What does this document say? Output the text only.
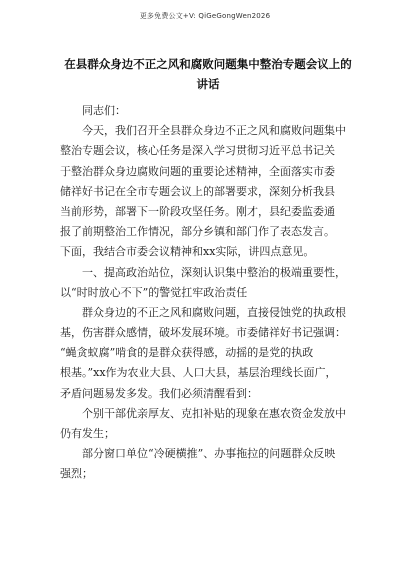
更多免费公文+V: QiGeGongWen2026
在县群众身边不正之风和腐败问题集中整治专题会议上的
讲话
同志们：
今天，我们召开全县群众身边不正之风和腐败问题集中
整治专题会议，核心任务是深入学习贯彻习近平总书记关
于整治群众身边腐败问题的重要论述精神，全面落实市委
储祥好书记在全市专题会议上的部署要求，深刻分析我县
当前形势，部署下一阶段攻坚任务。刚才，县纪委监委通
报了前期整治工作情况，部分乡镇和部门作了表态发言。
下面，我结合市委会议精神和xx实际，讲四点意见。
一、提高政治站位，深刻认识集中整治的极端重要性，
以“时时放心不下”的警觉扛牢政治责任
群众身边的不正之风和腐败问题，直接侵蚀党的执政根
基，伤害群众感情，破坏发展环境。市委储祥好书记强调：
“蝇贪蚁腐”啃食的是群众获得感，动摇的是党的执政
根基。”xx作为农业大县、人口大县，基层治理线长面广，
矛盾问题易发多发。我们必须清醒看到：
个别干部优亲厚友、克扣补贴的现象在惠农资金发放中
仍有发生；
部分窗口单位“冷硬横推”、办事拖拉的问题群众反映
强烈；
